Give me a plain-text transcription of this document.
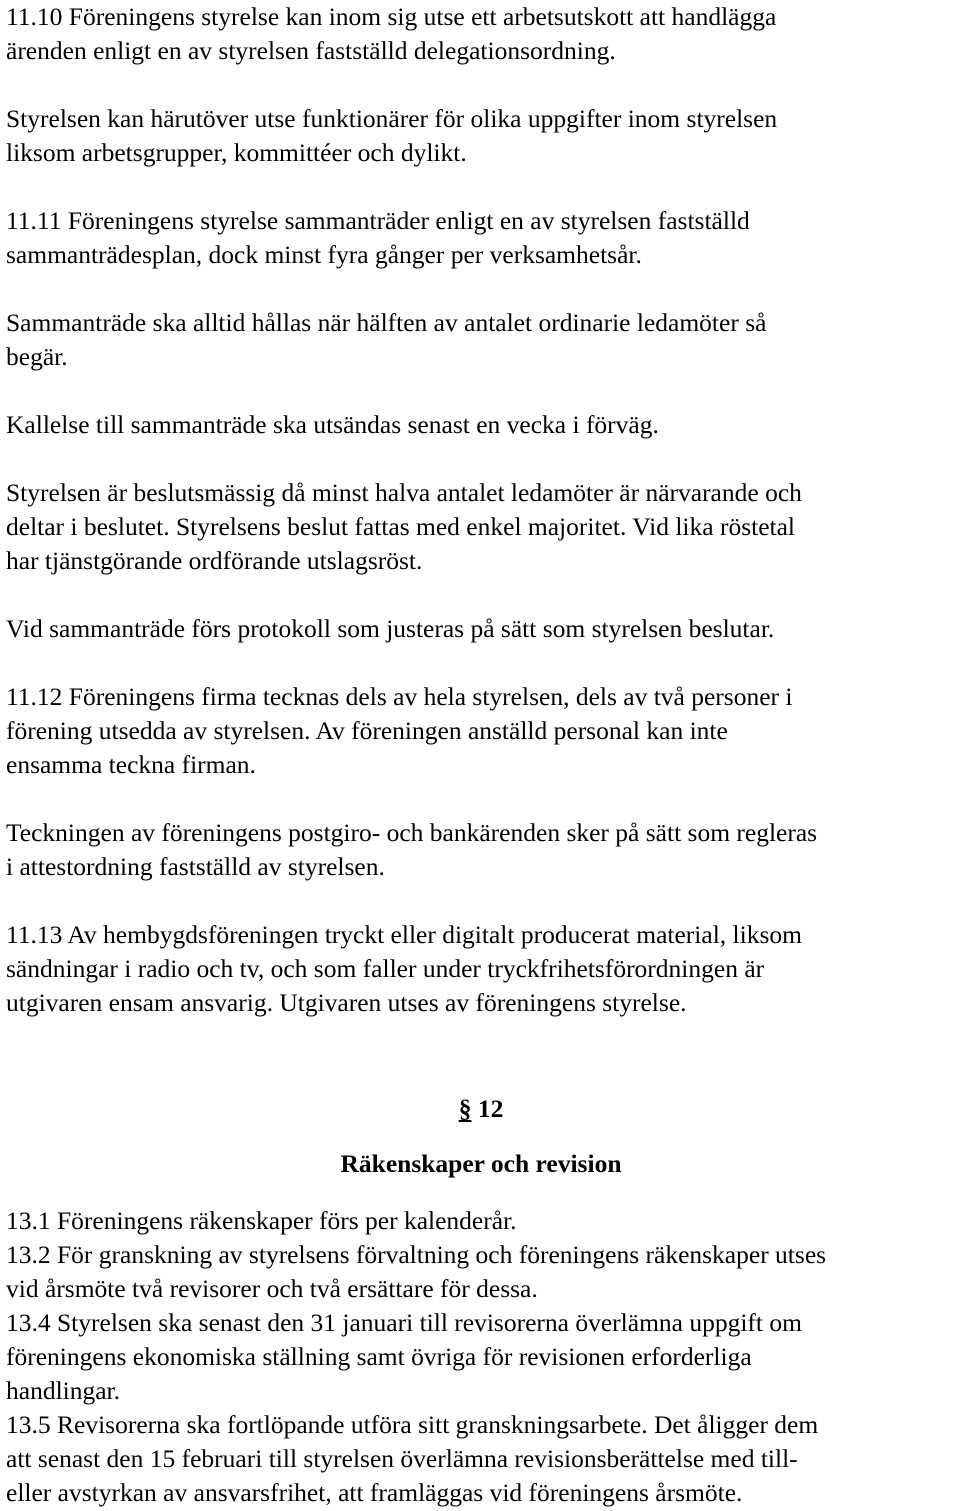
11.10 Föreningens styrelse kan inom sig utse ett arbetsutskott att handlägga
ärenden enligt en av styrelsen fastställd delegationsordning.

Styrelsen kan härutöver utse funktionärer för olika uppgifter inom styrelsen
liksom arbetsgrupper, kommittéer och dylikt.

11.11 Föreningens styrelse sammanträder enligt en av styrelsen fastställd
sammanträdesplan, dock minst fyra gånger per verksamhetsår.

Sammanträde ska alltid hållas när hälften av antalet ordinarie ledamöter så
begär.

Kallelse till sammanträde ska utsändas senast en vecka i förväg.

Styrelsen är beslutsmässig då minst halva antalet ledamöter är närvarande och
deltar i beslutet. Styrelsens beslut fattas med enkel majoritet. Vid lika röstetal
har tjänstgörande ordförande utslagsröst.

Vid sammanträde förs protokoll som justeras på sätt som styrelsen beslutar.

11.12 Föreningens firma tecknas dels av hela styrelsen, dels av två personer i
förening utsedda av styrelsen. Av föreningen anställd personal kan inte
ensamma teckna firman.

Teckningen av föreningens postgiro- och bankärenden sker på sätt som regleras
i attestordning fastställd av styrelsen.

11.13 Av hembygdsföreningen tryckt eller digitalt producerat material, liksom
sändningar i radio och tv, och som faller under tryckfrihetsförordningen är
utgivaren ensam ansvarig. Utgivaren utses av föreningens styrelse.

§ 12
Räkenskaper och revision

13.1 Föreningens räkenskaper förs per kalenderår.

13.2 För granskning av styrelsens förvaltning och föreningens räkenskaper utses
vid årsmöte två revisorer och två ersättare för dessa.

13.4 Styrelsen ska senast den 31 januari till revisorerna överlämna uppgift om
föreningens ekonomiska ställning samt övriga för revisionen erforderliga
handlingar.

13.5 Revisorerna ska fortlöpande utföra sitt granskningsarbete. Det åligger dem
att senast den 15 februari till styrelsen överlämna revisionsberättelse med till-
eller avstyrkan av ansvarsfrihet, att framläggas vid föreningens årsmöte.
